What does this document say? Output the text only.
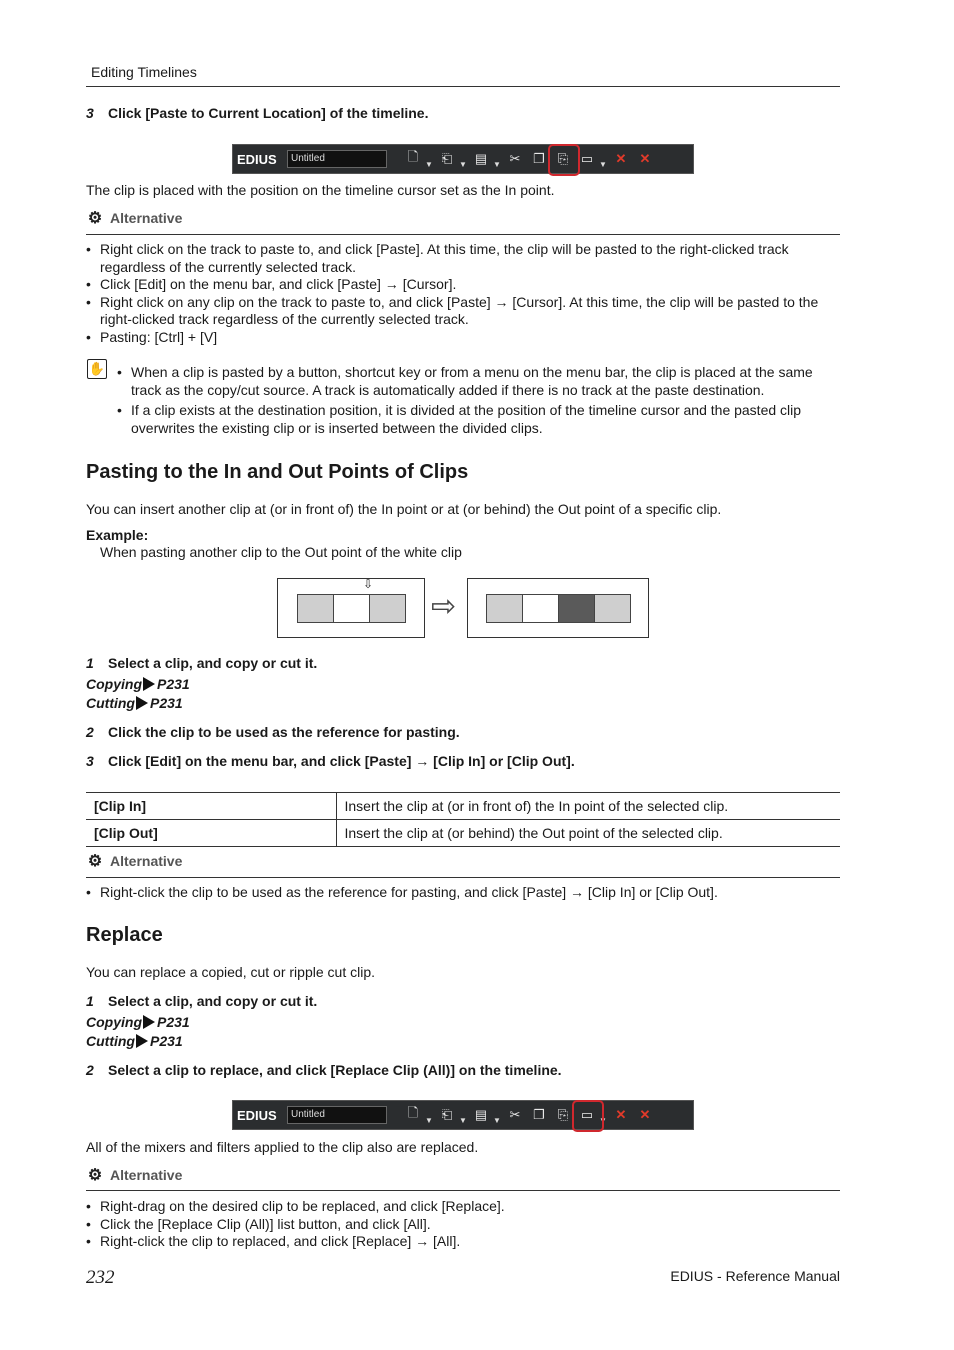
Editing Timelines
3 Click [Paste to Current Location] of the timeline.
EDIUS	Untitled	🗋
▼ ⎗ ▼ ▤ ▼ ✂ ❐ ⎘ ▭ ▼ ✕	✕
The clip is placed with the position on the timeline cursor set as the In point.
⚙ Alternative
• Right click on the track to paste to, and click [Paste]. At this time, the clip will be pasted to the right-clicked track regardless of the currently selected track.
• Click [Edit] on the menu bar, and click [Paste] → [Cursor].
• Right click on any clip on the track to paste to, and click [Paste] → [Cursor]. At this time, the clip will be pasted to the right-clicked track regardless of the currently selected track.
• Pasting: [Ctrl] + [V]
✋	• When a clip is pasted by a button, shortcut key or from a menu on the menu bar, the clip is placed at the same track as the copy/cut source. A track is automatically added if there is no track at the paste destination.
• If a clip exists at the destination position, it is divided at the position of the timeline cursor and the pasted clip overwrites the existing clip or is inserted between the divided clips.
Pasting to the In and Out Points of Clips
You can insert another clip at (or in front of) the In point or at (or behind) the Out point of a specific clip.
Example:
When pasting another clip to the Out point of the white clip
⇩
⇨
1 Select a clip, and copy or cut it.
Copying P231
Cutting P231
2 Click the clip to be used as the reference for pasting.
3 Click [Edit] on the menu bar, and click [Paste] → [Clip In] or [Clip Out].
[Clip In]	Insert the clip at (or in front of) the In point of the selected clip.
[Clip Out]	Insert the clip at (or behind) the Out point of the selected clip.
⚙ Alternative
• Right-click the clip to be used as the reference for pasting, and click [Paste] → [Clip In] or [Clip Out].
Replace
You can replace a copied, cut or ripple cut clip.
1 Select a clip, and copy or cut it.
Copying P231
Cutting P231
2 Select a clip to replace, and click [Replace Clip (All)] on the timeline.
EDIUS	Untitled	🗋
▼ ⎗ ▼ ▤ ▼ ✂ ❐ ⎘ ▭ ▼ ✕	✕
All of the mixers and filters applied to the clip also are replaced.
⚙ Alternative
• Right-drag on the desired clip to be replaced, and click [Replace].
• Click the [Replace Clip (All)] list button, and click [All].
• Right-click the clip to replaced, and click [Replace] → [All].
232	EDIUS - Reference Manual
